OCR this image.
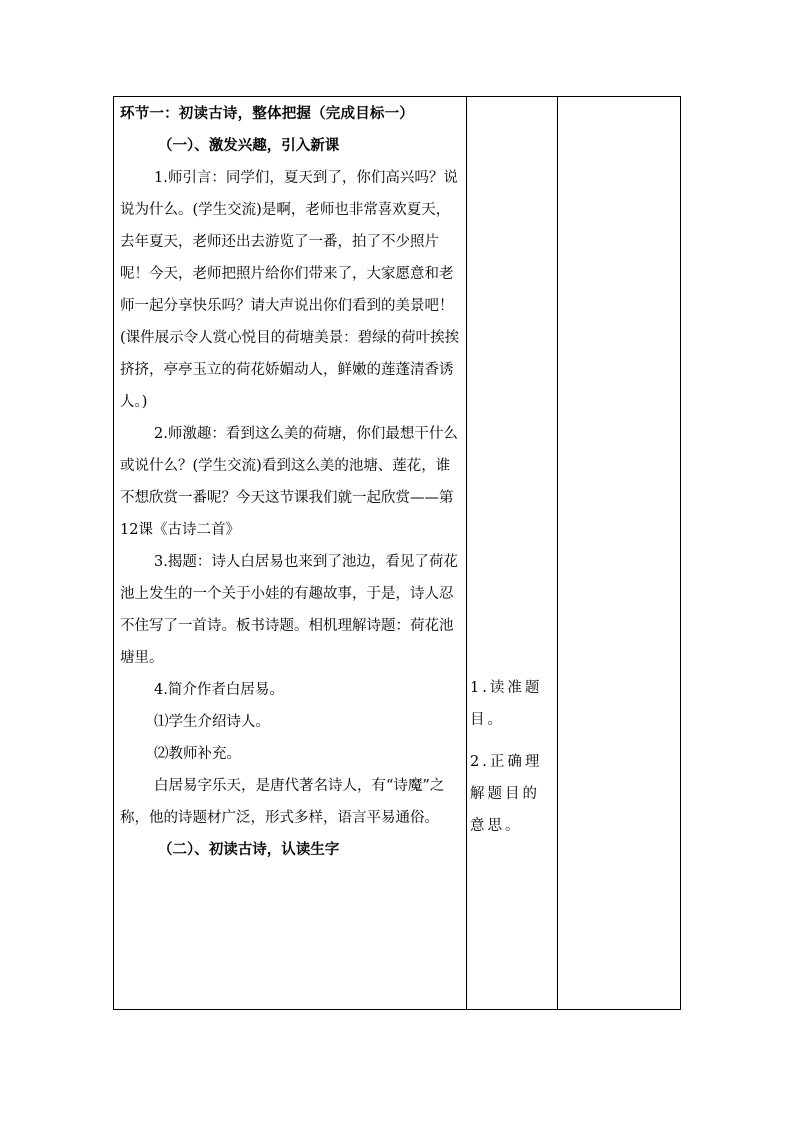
环节一：初读古诗，整体把握（完成目标一）

（一）、激发兴趣，引入新课

1.师引言：同学们，夏天到了，你们高兴吗？说说为什么。(学生交流)是啊，老师也非常喜欢夏天，去年夏天，老师还出去游览了一番，拍了不少照片呢！今天，老师把照片给你们带来了，大家愿意和老师一起分享快乐吗？请大声说出你们看到的美景吧！(课件展示令人赏心悦目的荷塘美景：碧绿的荷叶挨挨挤挤，亭亭玉立的荷花娇媚动人，鲜嫩的莲蓬清香诱人。)

2.师激趣：看到这么美的荷塘，你们最想干什么或说什么？(学生交流)看到这么美的池塘、莲花，谁不想欣赏一番呢？今天这节课我们就一起欣赏——第12课《古诗二首》

3.揭题：诗人白居易也来到了池边，看见了荷花池上发生的一个关于小娃的有趣故事，于是，诗人忍不住写了一首诗。板书诗题。相机理解诗题：荷花池塘里。

4.简介作者白居易。

⑴学生介绍诗人。

⑵教师补充。

白居易字乐天，是唐代著名诗人，有“诗魔”之称，他的诗题材广泛，形式多样，语言平易通俗。

（二）、初读古诗，认读生字

1.读准题目。

2.正确理解题目的意思。
